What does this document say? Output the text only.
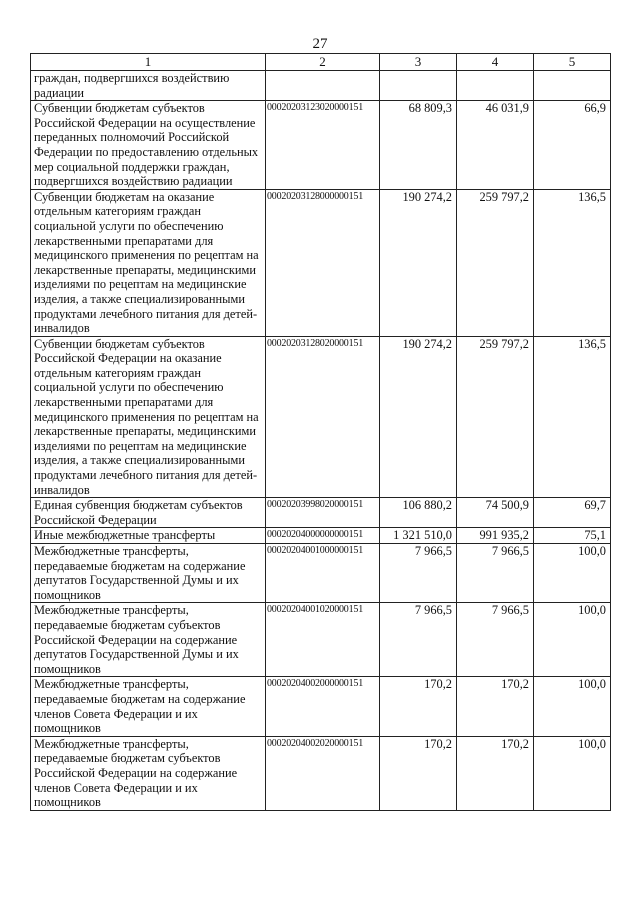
27
1	2	3	4	5
граждан, подвергшихся воздействию радиации				
Субвенции бюджетам субъектов Российской Федерации на осуществление переданных полномочий Российской Федерации по предоставлению отдельных мер социальной поддержки граждан, подвергшихся воздействию радиации	00020203123020000151	68 809,3	46 031,9	66,9
Субвенции бюджетам на оказание отдельным категориям граждан социальной услуги по обеспечению лекарственными препаратами для медицинского применения по рецептам на лекарственные препараты, медицинскими изделиями по рецептам на медицинские изделия, а также специализированными продуктами лечебного питания для детей-инвалидов	00020203128000000151	190 274,2	259 797,2	136,5
Субвенции бюджетам субъектов Российской Федерации на оказание отдельным категориям граждан социальной услуги по обеспечению лекарственными препаратами для медицинского применения по рецептам на лекарственные препараты, медицинскими изделиями по рецептам на медицинские изделия, а также специализированными продуктами лечебного питания для детей-инвалидов	00020203128020000151	190 274,2	259 797,2	136,5
Единая субвенция бюджетам субъектов Российской Федерации	00020203998020000151	106 880,2	74 500,9	69,7
Иные межбюджетные трансферты	00020204000000000151	1 321 510,0	991 935,2	75,1
Межбюджетные трансферты, передаваемые бюджетам на содержание депутатов Государственной Думы и их помощников	00020204001000000151	7 966,5	7 966,5	100,0
Межбюджетные трансферты, передаваемые бюджетам субъектов Российской Федерации на содержание депутатов Государственной Думы и их помощников	00020204001020000151	7 966,5	7 966,5	100,0
Межбюджетные трансферты, передаваемые бюджетам на содержание членов Совета Федерации и их помощников	00020204002000000151	170,2	170,2	100,0
Межбюджетные трансферты, передаваемые бюджетам субъектов Российской Федерации на содержание членов Совета Федерации и их помощников	00020204002020000151	170,2	170,2	100,0
